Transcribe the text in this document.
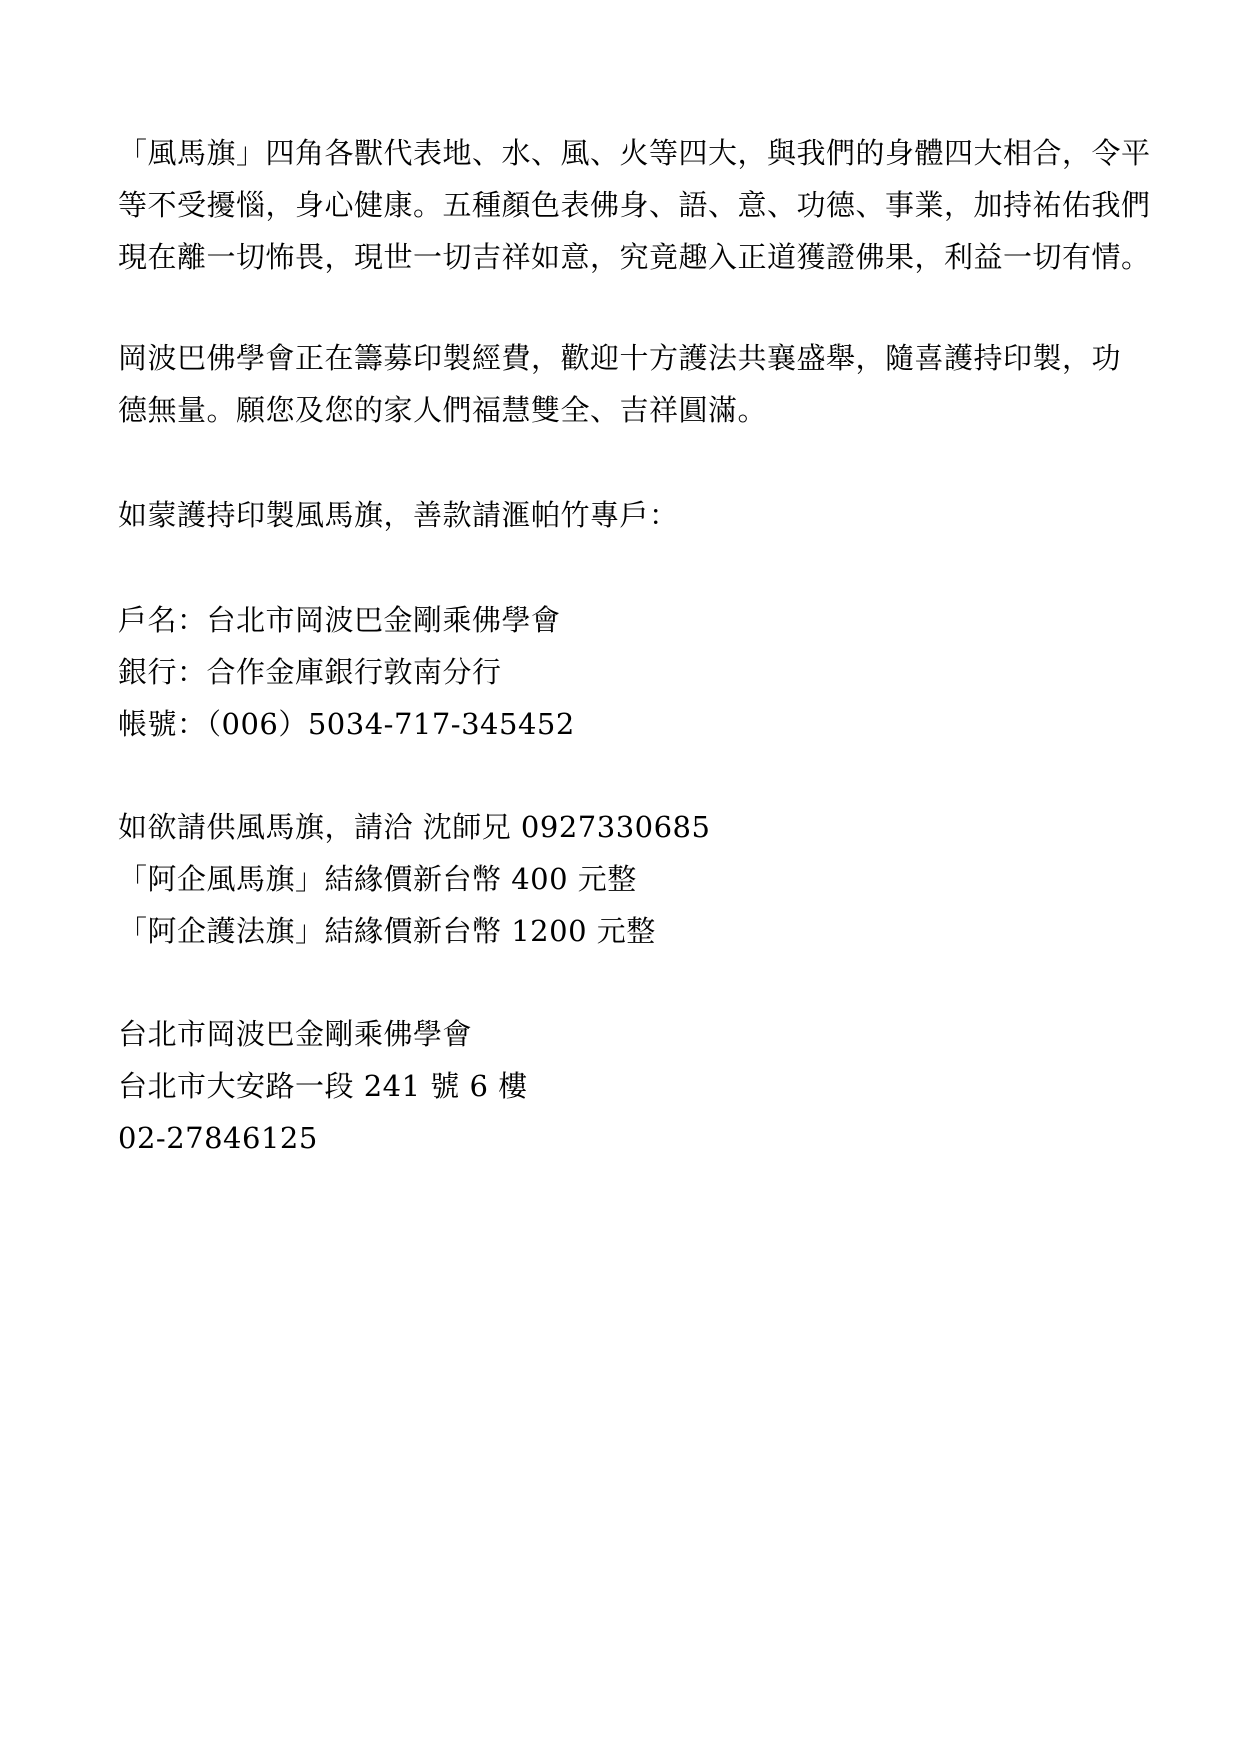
「風馬旗」四角各獸代表地、水、風、火等四大，與我們的身體四大相合，令平
等不受擾惱，身心健康。五種顏色表佛身、語、意、功德、事業，加持祐佑我們
現在離一切怖畏，現世一切吉祥如意，究竟趣入正道獲證佛果，利益一切有情。
岡波巴佛學會正在籌募印製經費，歡迎十方護法共襄盛舉，隨喜護持印製，功
德無量。願您及您的家人們福慧雙全、吉祥圓滿。
如蒙護持印製風馬旗，善款請滙帕竹專戶：
戶名：台北市岡波巴金剛乘佛學會
銀行：合作金庫銀行敦南分行
帳號：（006）5034-717-345452
如欲請供風馬旗，請洽 沈師兄 0927330685
「阿企風馬旗」結緣價新台幣 400 元整
「阿企護法旗」結緣價新台幣 1200 元整
台北市岡波巴金剛乘佛學會
台北市大安路一段 241 號 6 樓
02-27846125
